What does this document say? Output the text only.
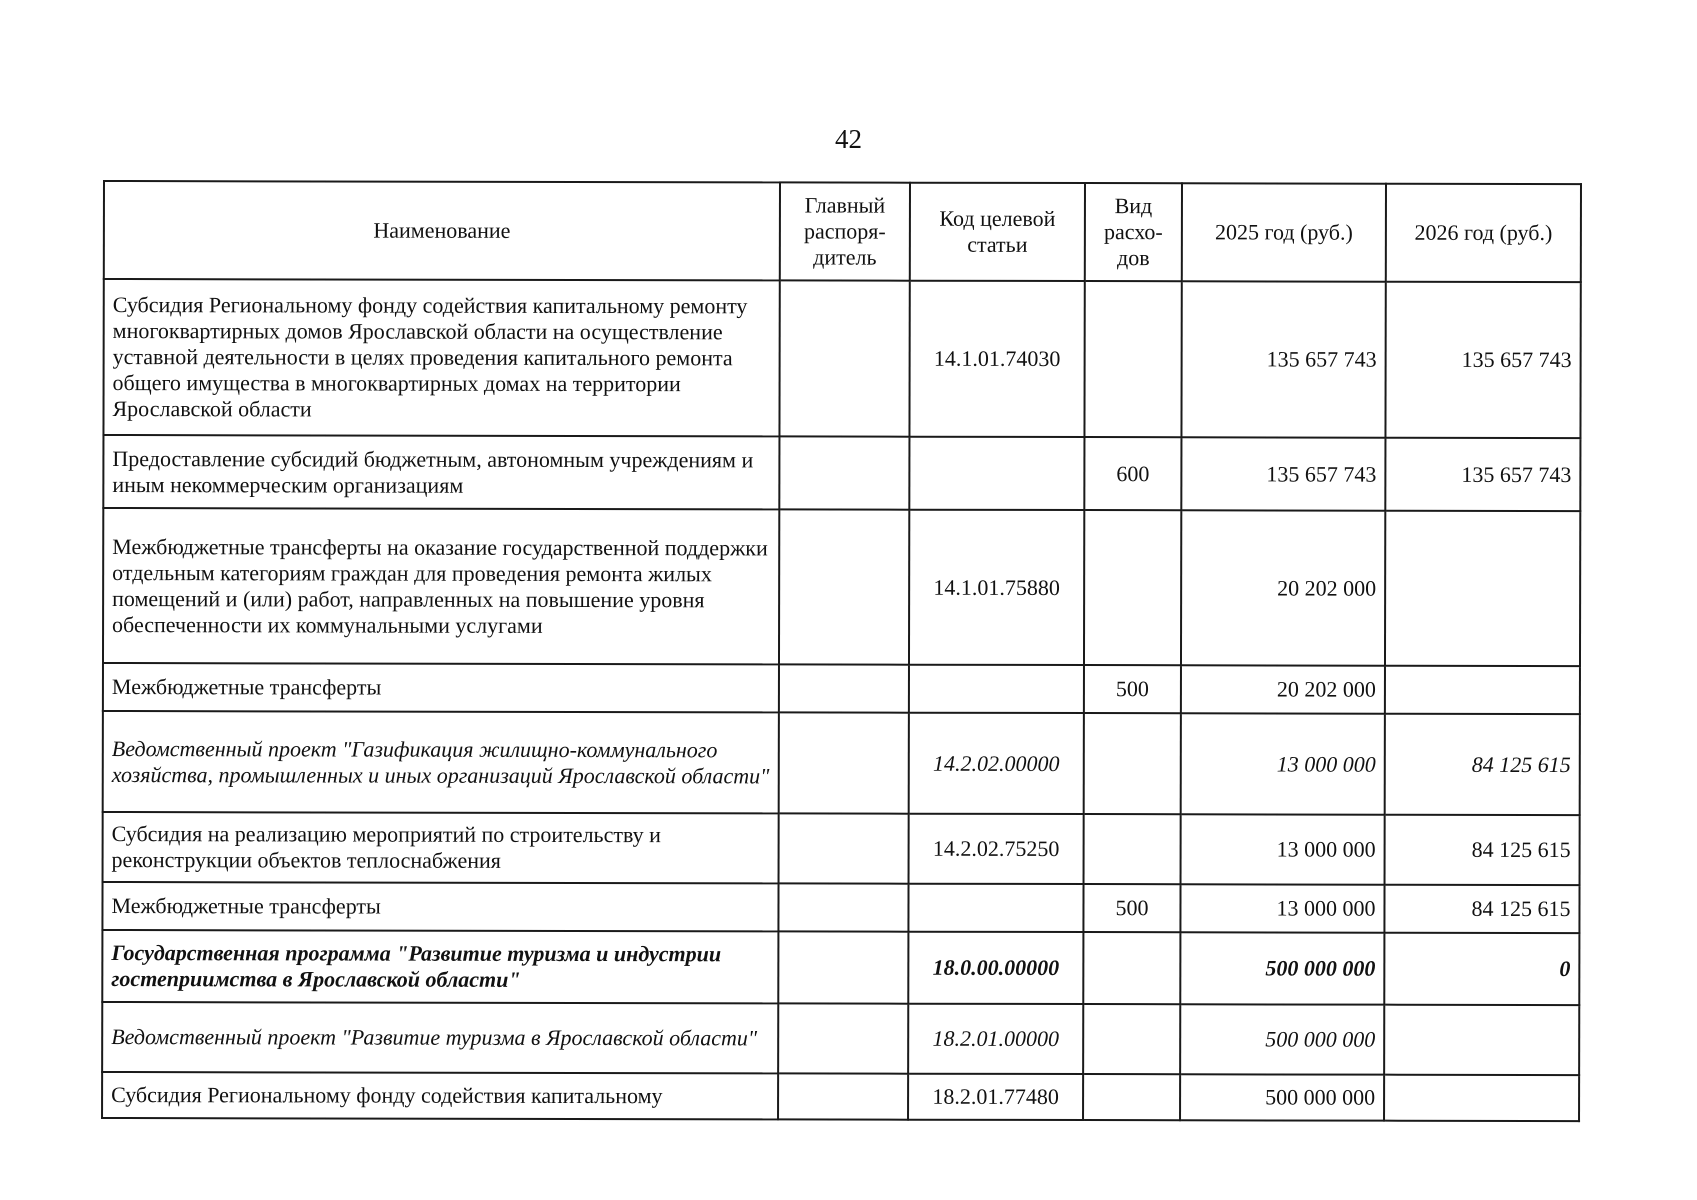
42
Наименование	Главный распоря-дитель	Код целевой статьи	Вид расхо-дов	2025 год (руб.)	2026 год (руб.)
Субсидия Региональному фонду содействия капитальному ремонту многоквартирных домов Ярославской области на осуществление уставной деятельности в целях проведения капитального ремонта общего имущества в многоквартирных домах на территории Ярославской области		14.1.01.74030		135 657 743	135 657 743
Предоставление субсидий бюджетным, автономным учреждениям и иным некоммерческим организациям			600	135 657 743	135 657 743
Межбюджетные трансферты на оказание государственной поддержки отдельным категориям граждан для проведения ремонта жилых помещений и (или) работ, направленных на повышение уровня обеспеченности их коммунальными услугами		14.1.01.75880		20 202 000	
Межбюджетные трансферты			500	20 202 000	
Ведомственный проект "Газификация жилищно-коммунального хозяйства, промышленных и иных организаций Ярославской области"		14.2.02.00000		13 000 000	84 125 615
Субсидия на реализацию мероприятий по строительству и реконструкции объектов теплоснабжения		14.2.02.75250		13 000 000	84 125 615
Межбюджетные трансферты			500	13 000 000	84 125 615
Государственная программа "Развитие туризма и индустрии гостеприимства в Ярославской области"		18.0.00.00000		500 000 000	0
Ведомственный проект "Развитие туризма в Ярославской области"		18.2.01.00000		500 000 000	
Субсидия Региональному фонду содействия капитальному		18.2.01.77480		500 000 000	
